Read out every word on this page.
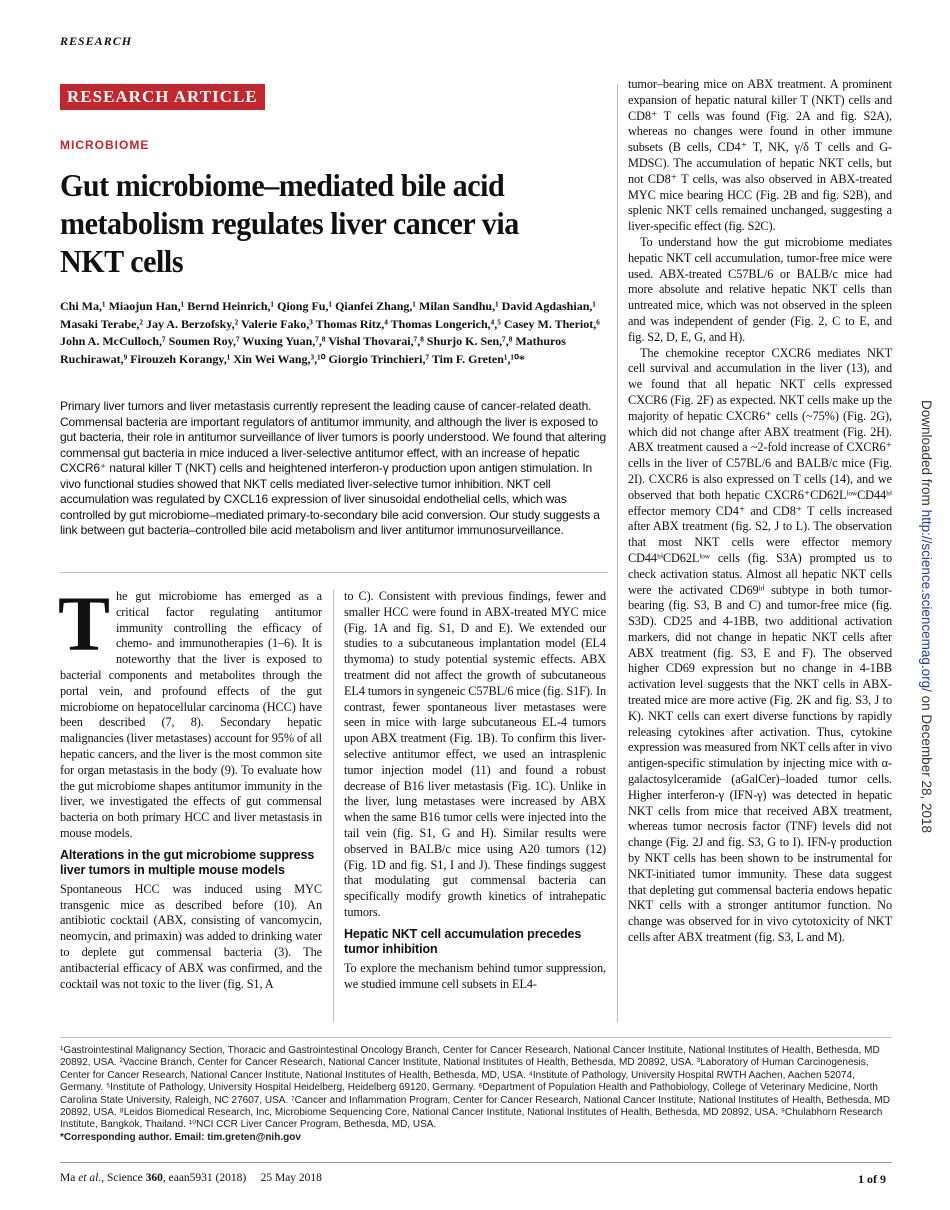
RESEARCH
RESEARCH ARTICLE
MICROBIOME
Gut microbiome–mediated bile acid metabolism regulates liver cancer via NKT cells
Chi Ma,¹ Miaojun Han,¹ Bernd Heinrich,¹ Qiong Fu,¹ Qianfei Zhang,¹ Milan Sandhu,¹ David Agdashian,¹ Masaki Terabe,² Jay A. Berzofsky,² Valerie Fako,³ Thomas Ritz,⁴ Thomas Longerich,⁴,⁵ Casey M. Theriot,⁶ John A. McCulloch,⁷ Soumen Roy,⁷ Wuxing Yuan,⁷,⁸ Vishal Thovarai,⁷,⁸ Shurjo K. Sen,⁷,⁸ Mathuros Ruchirawat,⁹ Firouzeh Korangy,¹ Xin Wei Wang,³,¹⁰ Giorgio Trinchieri,⁷ Tim F. Greten¹,¹⁰*
Primary liver tumors and liver metastasis currently represent the leading cause of cancer-related death. Commensal bacteria are important regulators of antitumor immunity, and although the liver is exposed to gut bacteria, their role in antitumor surveillance of liver tumors is poorly understood. We found that altering commensal gut bacteria in mice induced a liver-selective antitumor effect, with an increase of hepatic CXCR6⁺ natural killer T (NKT) cells and heightened interferon-γ production upon antigen stimulation. In vivo functional studies showed that NKT cells mediated liver-selective tumor inhibition. NKT cell accumulation was regulated by CXCL16 expression of liver sinusoidal endothelial cells, which was controlled by gut microbiome–mediated primary-to-secondary bile acid conversion. Our study suggests a link between gut bacteria–controlled bile acid metabolism and liver antitumor immunosurveillance.

The gut microbiome has emerged as a critical factor regulating antitumor immunity controlling the efficacy of chemo- and immunotherapies (1–6). It is noteworthy that the liver is exposed to bacterial components and metabolites through the portal vein, and profound effects of the gut microbiome on hepatocellular carcinoma (HCC) have been described (7, 8). Secondary hepatic malignancies (liver metastases) account for 95% of all hepatic cancers, and the liver is the most common site for organ metastasis in the body (9). To evaluate how the gut microbiome shapes antitumor immunity in the liver, we investigated the effects of gut commensal bacteria on both primary HCC and liver metastasis in mouse models.

Alterations in the gut microbiome suppress liver tumors in multiple mouse models

Spontaneous HCC was induced using MYC transgenic mice as described before (10). An antibiotic cocktail (ABX, consisting of vancomycin, neomycin, and primaxin) was added to drinking water to deplete gut commensal bacteria (3). The antibacterial efficacy of ABX was confirmed, and the cocktail was not toxic to the liver (fig. S1, A

to C). Consistent with previous findings, fewer and smaller HCC were found in ABX-treated MYC mice (Fig. 1A and fig. S1, D and E). We extended our studies to a subcutaneous implantation model (EL4 thymoma) to study potential systemic effects. ABX treatment did not affect the growth of subcutaneous EL4 tumors in syngeneic C57BL/6 mice (fig. S1F). In contrast, fewer spontaneous liver metastases were seen in mice with large subcutaneous EL-4 tumors upon ABX treatment (Fig. 1B). To confirm this liver-selective antitumor effect, we used an intrasplenic tumor injection model (11) and found a robust decrease of B16 liver metastasis (Fig. 1C). Unlike in the liver, lung metastases were increased by ABX when the same B16 tumor cells were injected into the tail vein (fig. S1, G and H). Similar results were observed in BALB/c mice using A20 tumors (12) (Fig. 1D and fig. S1, I and J). These findings suggest that modulating gut commensal bacteria can specifically modify growth kinetics of intrahepatic tumors.

Hepatic NKT cell accumulation precedes tumor inhibition

To explore the mechanism behind tumor suppression, we studied immune cell subsets in EL4-

tumor–bearing mice on ABX treatment. A prominent expansion of hepatic natural killer T (NKT) cells and CD8⁺ T cells was found (Fig. 2A and fig. S2A), whereas no changes were found in other immune subsets (B cells, CD4⁺ T, NK, γ/δ T cells and G-MDSC). The accumulation of hepatic NKT cells, but not CD8⁺ T cells, was also observed in ABX-treated MYC mice bearing HCC (Fig. 2B and fig. S2B), and splenic NKT cells remained unchanged, suggesting a liver-specific effect (fig. S2C).

To understand how the gut microbiome mediates hepatic NKT cell accumulation, tumor-free mice were used. ABX-treated C57BL/6 or BALB/c mice had more absolute and relative hepatic NKT cells than untreated mice, which was not observed in the spleen and was independent of gender (Fig. 2, C to E, and fig. S2, D, E, G, and H).

The chemokine receptor CXCR6 mediates NKT cell survival and accumulation in the liver (13), and we found that all hepatic NKT cells expressed CXCR6 (Fig. 2F) as expected. NKT cells make up the majority of hepatic CXCR6⁺ cells (~75%) (Fig. 2G), which did not change after ABX treatment (Fig. 2H). ABX treatment caused a ~2-fold increase of CXCR6⁺ cells in the liver of C57BL/6 and BALB/c mice (Fig. 2I). CXCR6 is also expressed on T cells (14), and we observed that both hepatic CXCR6⁺CD62LˡᵒʷCD44ʰⁱ effector memory CD4⁺ and CD8⁺ T cells increased after ABX treatment (fig. S2, J to L). The observation that most NKT cells were effector memory CD44ʰⁱCD62Lˡᵒʷ cells (fig. S3A) prompted us to check activation status. Almost all hepatic NKT cells were the activated CD69ʰⁱ subtype in both tumor-bearing (fig. S3, B and C) and tumor-free mice (fig. S3D). CD25 and 4-1BB, two additional activation markers, did not change in hepatic NKT cells after ABX treatment (fig. S3, E and F). The observed higher CD69 expression but no change in 4-1BB activation level suggests that the NKT cells in ABX-treated mice are more active (Fig. 2K and fig. S3, J to K). NKT cells can exert diverse functions by rapidly releasing cytokines after activation. Thus, cytokine expression was measured from NKT cells after in vivo antigen-specific stimulation by injecting mice with α-galactosylceramide (aGalCer)–loaded tumor cells. Higher interferon-γ (IFN-γ) was detected in hepatic NKT cells from mice that received ABX treatment, whereas tumor necrosis factor (TNF) levels did not change (Fig. 2J and fig. S3, G to I). IFN-γ production by NKT cells has been shown to be instrumental for NKT-initiated tumor immunity. These data suggest that depleting gut commensal bacteria endows hepatic NKT cells with a stronger antitumor function. No change was observed for in vivo cytotoxicity of NKT cells after ABX treatment (fig. S3, L and M).

Downloaded from http://science.sciencemag.org/ on December 28, 2018
¹Gastrointestinal Malignancy Section, Thoracic and Gastrointestinal Oncology Branch, Center for Cancer Research, National Cancer Institute, National Institutes of Health, Bethesda, MD 20892, USA. ²Vaccine Branch, Center for Cancer Research, National Cancer Institute, National Institutes of Health, Bethesda, MD 20892, USA. ³Laboratory of Human Carcinogenesis, Center for Cancer Research, National Cancer Institute, National Institutes of Health, Bethesda, MD, USA. ⁴Institute of Pathology, University Hospital RWTH Aachen, Aachen 52074, Germany. ⁵Institute of Pathology, University Hospital Heidelberg, Heidelberg 69120, Germany. ⁶Department of Population Health and Pathobiology, College of Veterinary Medicine, North Carolina State University, Raleigh, NC 27607, USA. ⁷Cancer and Inflammation Program, Center for Cancer Research, National Cancer Institute, National Institutes of Health, Bethesda, MD 20892, USA. ⁸Leidos Biomedical Research, Inc, Microbiome Sequencing Core, National Cancer Institute, National Institutes of Health, Bethesda, MD 20892, USA. ⁹Chulabhorn Research Institute, Bangkok, Thailand. ¹⁰NCI CCR Liver Cancer Program, Bethesda, MD, USA.
*Corresponding author. Email: tim.greten@nih.gov
Ma et al., Science 360, eaan5931 (2018)     25 May 2018	1 of 9
